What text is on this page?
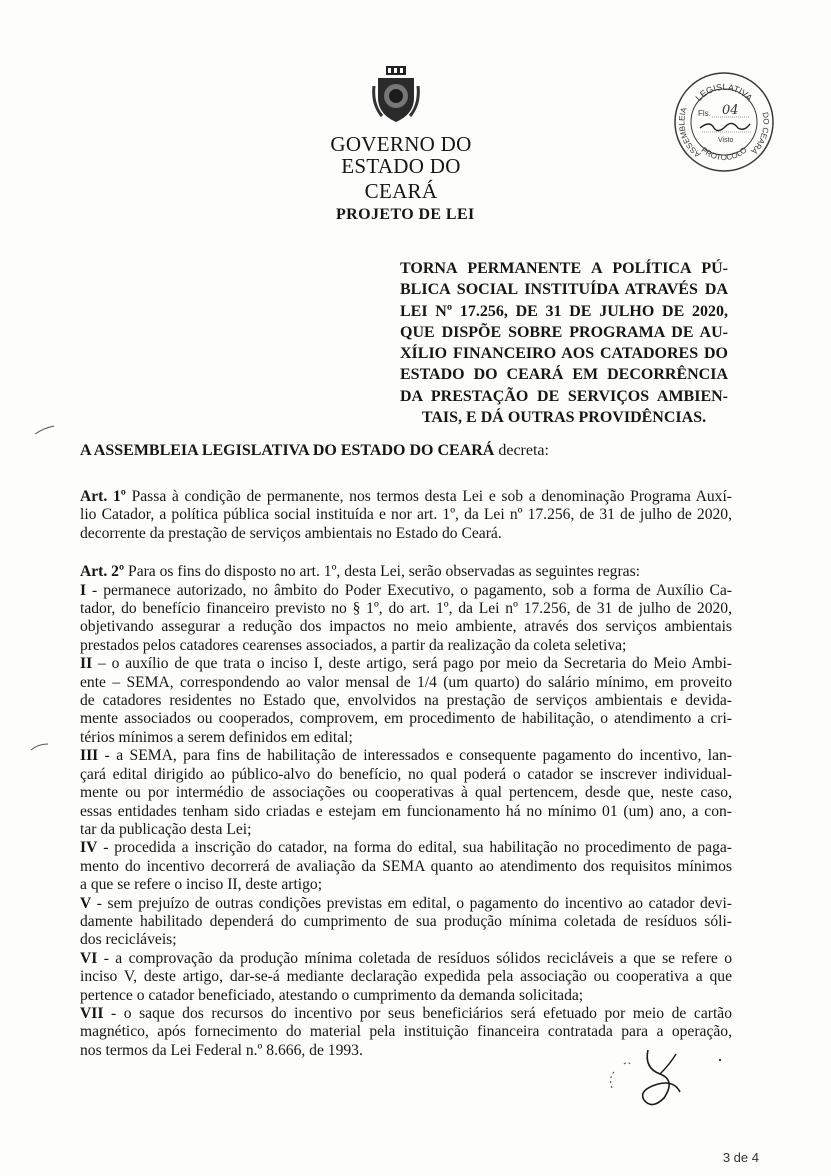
GOVERNO DO
ESTADO DO CEARÁ
LEGISLATIVA
ASSEMBLEIA
DO CEARÁ
PROTOCOLO
Fls. 04
Visto
PROJETO DE LEI

TORNA PERMANENTE A POLÍTICA PÚ-

BLICA SOCIAL INSTITUÍDA ATRAVÉS DA

LEI Nº 17.256, DE 31 DE JULHO DE 2020,

QUE DISPÕE SOBRE PROGRAMA DE AU-

XÍLIO FINANCEIRO AOS CATADORES DO

ESTADO DO CEARÁ EM DECORRÊNCIA

DA PRESTAÇÃO DE SERVIÇOS AMBIEN-

TAIS, E DÁ OUTRAS PROVIDÊNCIAS.

A ASSEMBLEIA LEGISLATIVA DO ESTADO DO CEARÁ decreta:

Art. 1º Passa à condição de permanente, nos termos desta Lei e sob a denominação Programa Auxí-

lio Catador, a política pública social instituída e nor art. 1º, da Lei nº 17.256, de 31 de julho de 2020,

decorrente da prestação de serviços ambientais no Estado do Ceará.

Art. 2º Para os fins do disposto no art. 1º, desta Lei, serão observadas as seguintes regras:

I - permanece autorizado, no âmbito do Poder Executivo, o pagamento, sob a forma de Auxílio Ca-

tador, do benefício financeiro previsto no § 1º, do art. 1º, da Lei nº 17.256, de 31 de julho de 2020,

objetivando assegurar a redução dos impactos no meio ambiente, através dos serviços ambientais

prestados pelos catadores cearenses associados, a partir da realização da coleta seletiva;

II – o auxílio de que trata o inciso I, deste artigo, será pago por meio da Secretaria do Meio Ambi-

ente – SEMA, correspondendo ao valor mensal de 1/4 (um quarto) do salário mínimo, em proveito

de catadores residentes no Estado que, envolvidos na prestação de serviços ambientais e devida-

mente associados ou cooperados, comprovem, em procedimento de habilitação, o atendimento a cri-

térios mínimos a serem definidos em edital;

III - a SEMA, para fins de habilitação de interessados e consequente pagamento do incentivo, lan-

çará edital dirigido ao público-alvo do benefício, no qual poderá o catador se inscrever individual-

mente ou por intermédio de associações ou cooperativas à qual pertencem, desde que, neste caso,

essas entidades tenham sido criadas e estejam em funcionamento há no mínimo 01 (um) ano, a con-

tar da publicação desta Lei;

IV - procedida a inscrição do catador, na forma do edital, sua habilitação no procedimento de paga-

mento do incentivo decorrerá de avaliação da SEMA quanto ao atendimento dos requisitos mínimos

a que se refere o inciso II, deste artigo;

V - sem prejuízo de outras condições previstas em edital, o pagamento do incentivo ao catador devi-

damente habilitado dependerá do cumprimento de sua produção mínima coletada de resíduos sóli-

dos recicláveis;

VI - a comprovação da produção mínima coletada de resíduos sólidos recicláveis a que se refere o

inciso V, deste artigo, dar-se-á mediante declaração expedida pela associação ou cooperativa a que

pertence o catador beneficiado, atestando o cumprimento da demanda solicitada;

VII - o saque dos recursos do incentivo por seus beneficiários será efetuado por meio de cartão

magnético, após fornecimento do material pela instituição financeira contratada para a operação,

nos termos da Lei Federal n.º 8.666, de 1993.

3 de 4
